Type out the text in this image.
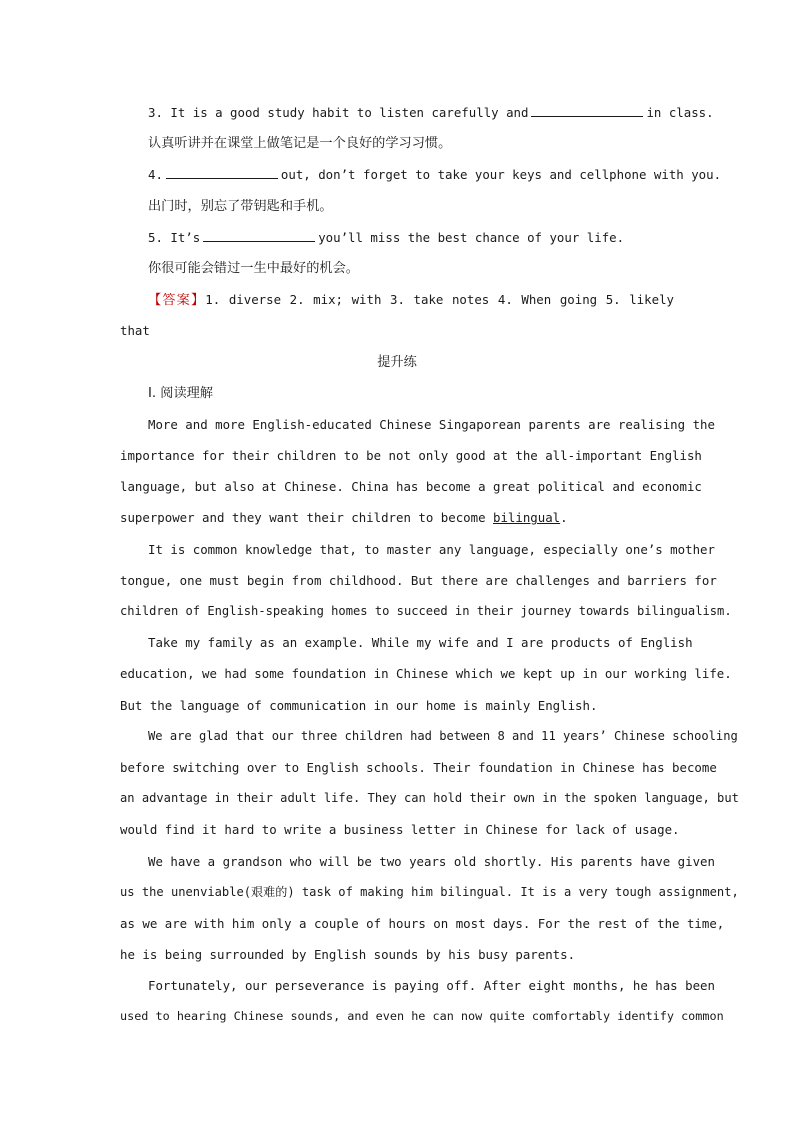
3. It is a good study habit to listen carefully and	in class.
认真听讲并在课堂上做笔记是一个良好的学习习惯。
4.	out, don’t forget to take your keys and cellphone with you.
出门时，别忘了带钥匙和手机。
5. It’s	you’ll miss the best chance of your life.
你很可能会错过一生中最好的机会。
【答案】1. diverse 2. mix; with 3. take notes 4. When going 5. likely
that
提升练
Ⅰ. 阅读理解
More and more English-educated Chinese Singaporean parents are realising the
importance for their children to be not only good at the all-important English
language, but also at Chinese. China has become a great political and economic
superpower and they want their children to become bilingual.
It is common knowledge that, to master any language, especially one’s mother
tongue, one must begin from childhood. But there are challenges and barriers for
children of English-speaking homes to succeed in their journey towards bilingualism.
Take my family as an example. While my wife and I are products of English
education, we had some foundation in Chinese which we kept up in our working life.
But the language of communication in our home is mainly English.
We are glad that our three children had between 8 and 11 years’ Chinese schooling
before switching over to English schools. Their foundation in Chinese has become
an advantage in their adult life. They can hold their own in the spoken language, but
would find it hard to write a business letter in Chinese for lack of usage.
We have a grandson who will be two years old shortly. His parents have given
us the unenviable(艰难的) task of making him bilingual. It is a very tough assignment,
as we are with him only a couple of hours on most days. For the rest of the time,
he is being surrounded by English sounds by his busy parents.
Fortunately, our perseverance is paying off. After eight months, he has been
used to hearing Chinese sounds, and even he can now quite comfortably identify common
